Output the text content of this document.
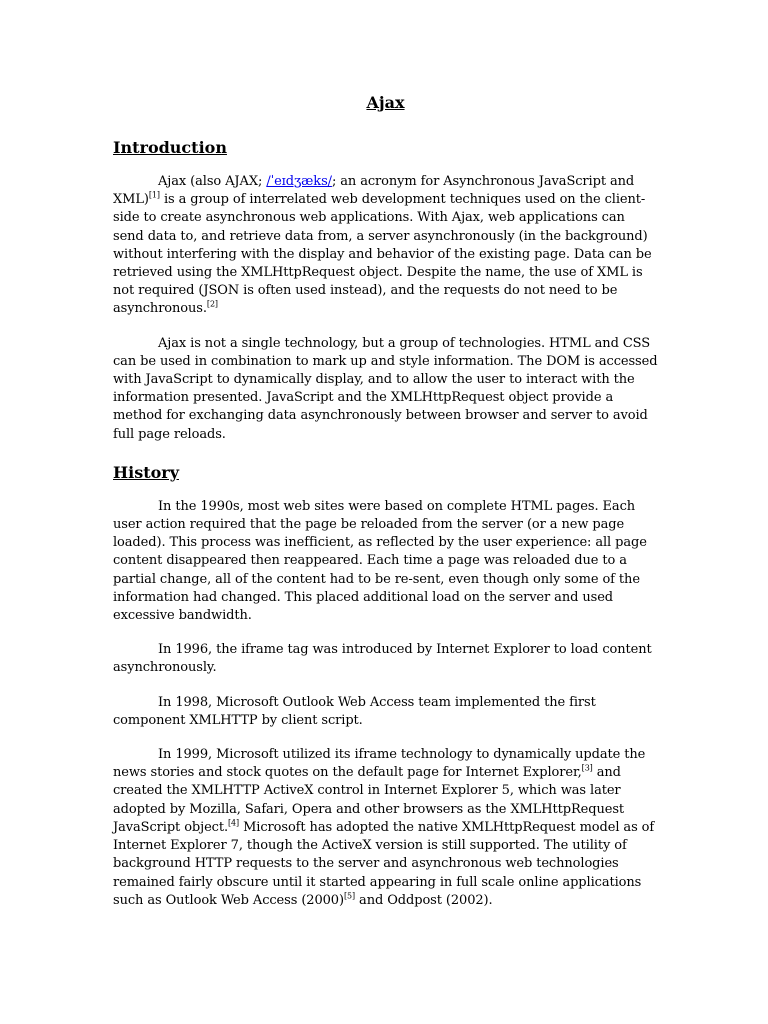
Ajax
Introduction

Ajax (also AJAX; /ˈeɪdʒæks/; an acronym for Asynchronous JavaScript and XML)[1] is a group of interrelated web development techniques used on the client-side to create asynchronous web applications. With Ajax, web applications can send data to, and retrieve data from, a server asynchronously (in the background) without interfering with the display and behavior of the existing page. Data can be retrieved using the XMLHttpRequest object. Despite the name, the use of XML is not required (JSON is often used instead), and the requests do not need to be asynchronous.[2]

Ajax is not a single technology, but a group of technologies. HTML and CSS can be used in combination to mark up and style information. The DOM is accessed with JavaScript to dynamically display, and to allow the user to interact with the information presented. JavaScript and the XMLHttpRequest object provide a method for exchanging data asynchronously between browser and server to avoid full page reloads.

History

In the 1990s, most web sites were based on complete HTML pages. Each user action required that the page be reloaded from the server (or a new page loaded). This process was inefficient, as reflected by the user experience: all page content disappeared then reappeared. Each time a page was reloaded due to a partial change, all of the content had to be re-sent, even though only some of the information had changed. This placed additional load on the server and used excessive bandwidth.

In 1996, the iframe tag was introduced by Internet Explorer to load content asynchronously.

In 1998, Microsoft Outlook Web Access team implemented the first component XMLHTTP by client script.

In 1999, Microsoft utilized its iframe technology to dynamically update the news stories and stock quotes on the default page for Internet Explorer,[3] and created the XMLHTTP ActiveX control in Internet Explorer 5, which was later adopted by Mozilla, Safari, Opera and other browsers as the XMLHttpRequest JavaScript object.[4] Microsoft has adopted the native XMLHttpRequest model as of Internet Explorer 7, though the ActiveX version is still supported. The utility of background HTTP requests to the server and asynchronous web technologies remained fairly obscure until it started appearing in full scale online applications such as Outlook Web Access (2000)[5] and Oddpost (2002).
